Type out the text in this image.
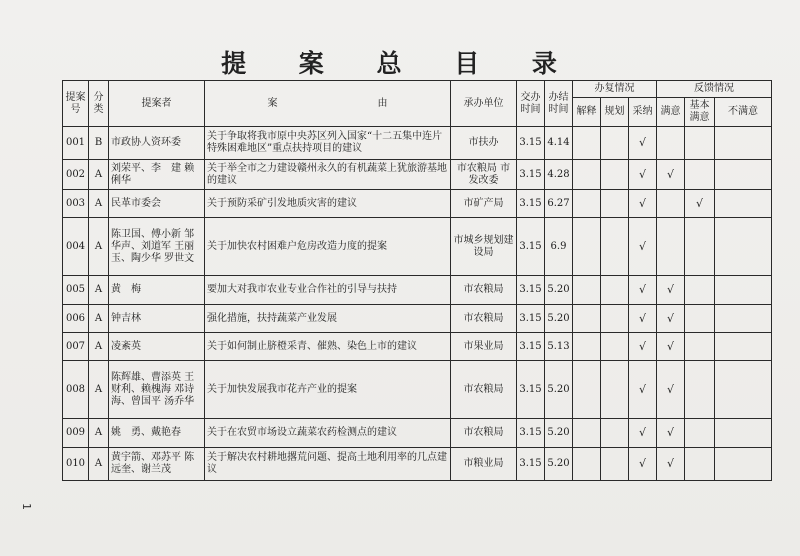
提 案 总 目 录
提案号	分类	提案者	案　　　　　　　　　　由	承办单位	交办时间	办结时间	办复情况			反馈情况		
							解释	规划	采纳	满意	基本满意	不满意
001	B	市政协人资环委	关于争取将我市原中央苏区列入国家“十二五集中连片特殊困难地区”重点扶持项目的建议	市扶办	3.15	4.14			√			
002	A	刘荣平、李　建 赖俐华	关于举全市之力建设赣州永久的有机蔬菜上犹旅游基地的建议	市农粮局 市发改委	3.15	4.28			√	√		
003	A	民革市委会	关于预防采矿引发地质灾害的建议	市矿产局	3.15	6.27			√		√	
004	A	陈卫国、傅小新 邹华声、刘道军 王丽玉、陶少华 罗世文	关于加快农村困难户危房改造力度的提案	市城乡规划建设局	3.15	6.9			√			
005	A	黄　梅	要加大对我市农业专业合作社的引导与扶持	市农粮局	3.15	5.20			√	√		
006	A	钟吉林	强化措施，扶持蔬菜产业发展	市农粮局	3.15	5.20			√	√		
007	A	凌紊英	关于如何制止脐橙采青、催熟、染色上市的建议	市果业局	3.15	5.13			√	√		
008	A	陈辉雄、曹添英 王财利、赖槐海 邓诗海、曾国平 汤乔华	关于加快发展我市花卉产业的提案	市农粮局	3.15	5.20			√	√		
009	A	姚　勇、戴艳春	关于在农贸市场设立蔬菜农药检测点的建议	市农粮局	3.15	5.20			√	√		
010	A	黄宇箭、邓苏平 陈远奎、谢兰茂	关于解决农村耕地撂荒问题、提高土地利用率的几点建议	市粮业局	3.15	5.20			√	√		
1
